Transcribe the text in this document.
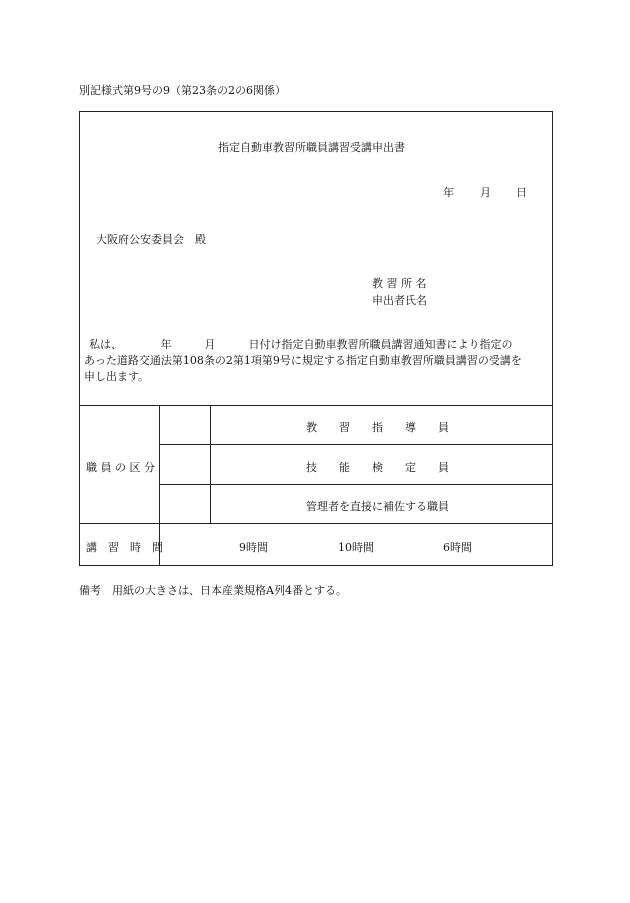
別記様式第9号の9（第23条の2の6関係）
指定自動車教習所職員講習受講申出書
年 月 日
大阪府公安委員会　殿
教 習 所 名
申出者氏名
私は、　　　　年　　　月　　　日付け指定自動車教習所職員講習通知書により指定の
あった道路交通法第108条の2第1項第9号に規定する指定自動車教習所職員講習の受講を
申し出ます。
職 員 の 区 分
教　　習　　指　　導　　員
技　　能　　検　　定　　員
管理者を直接に補佐する職員
講　習　時　間	9時間	10時間	6時間
備考　用紙の大きさは、日本産業規格A列4番とする。
